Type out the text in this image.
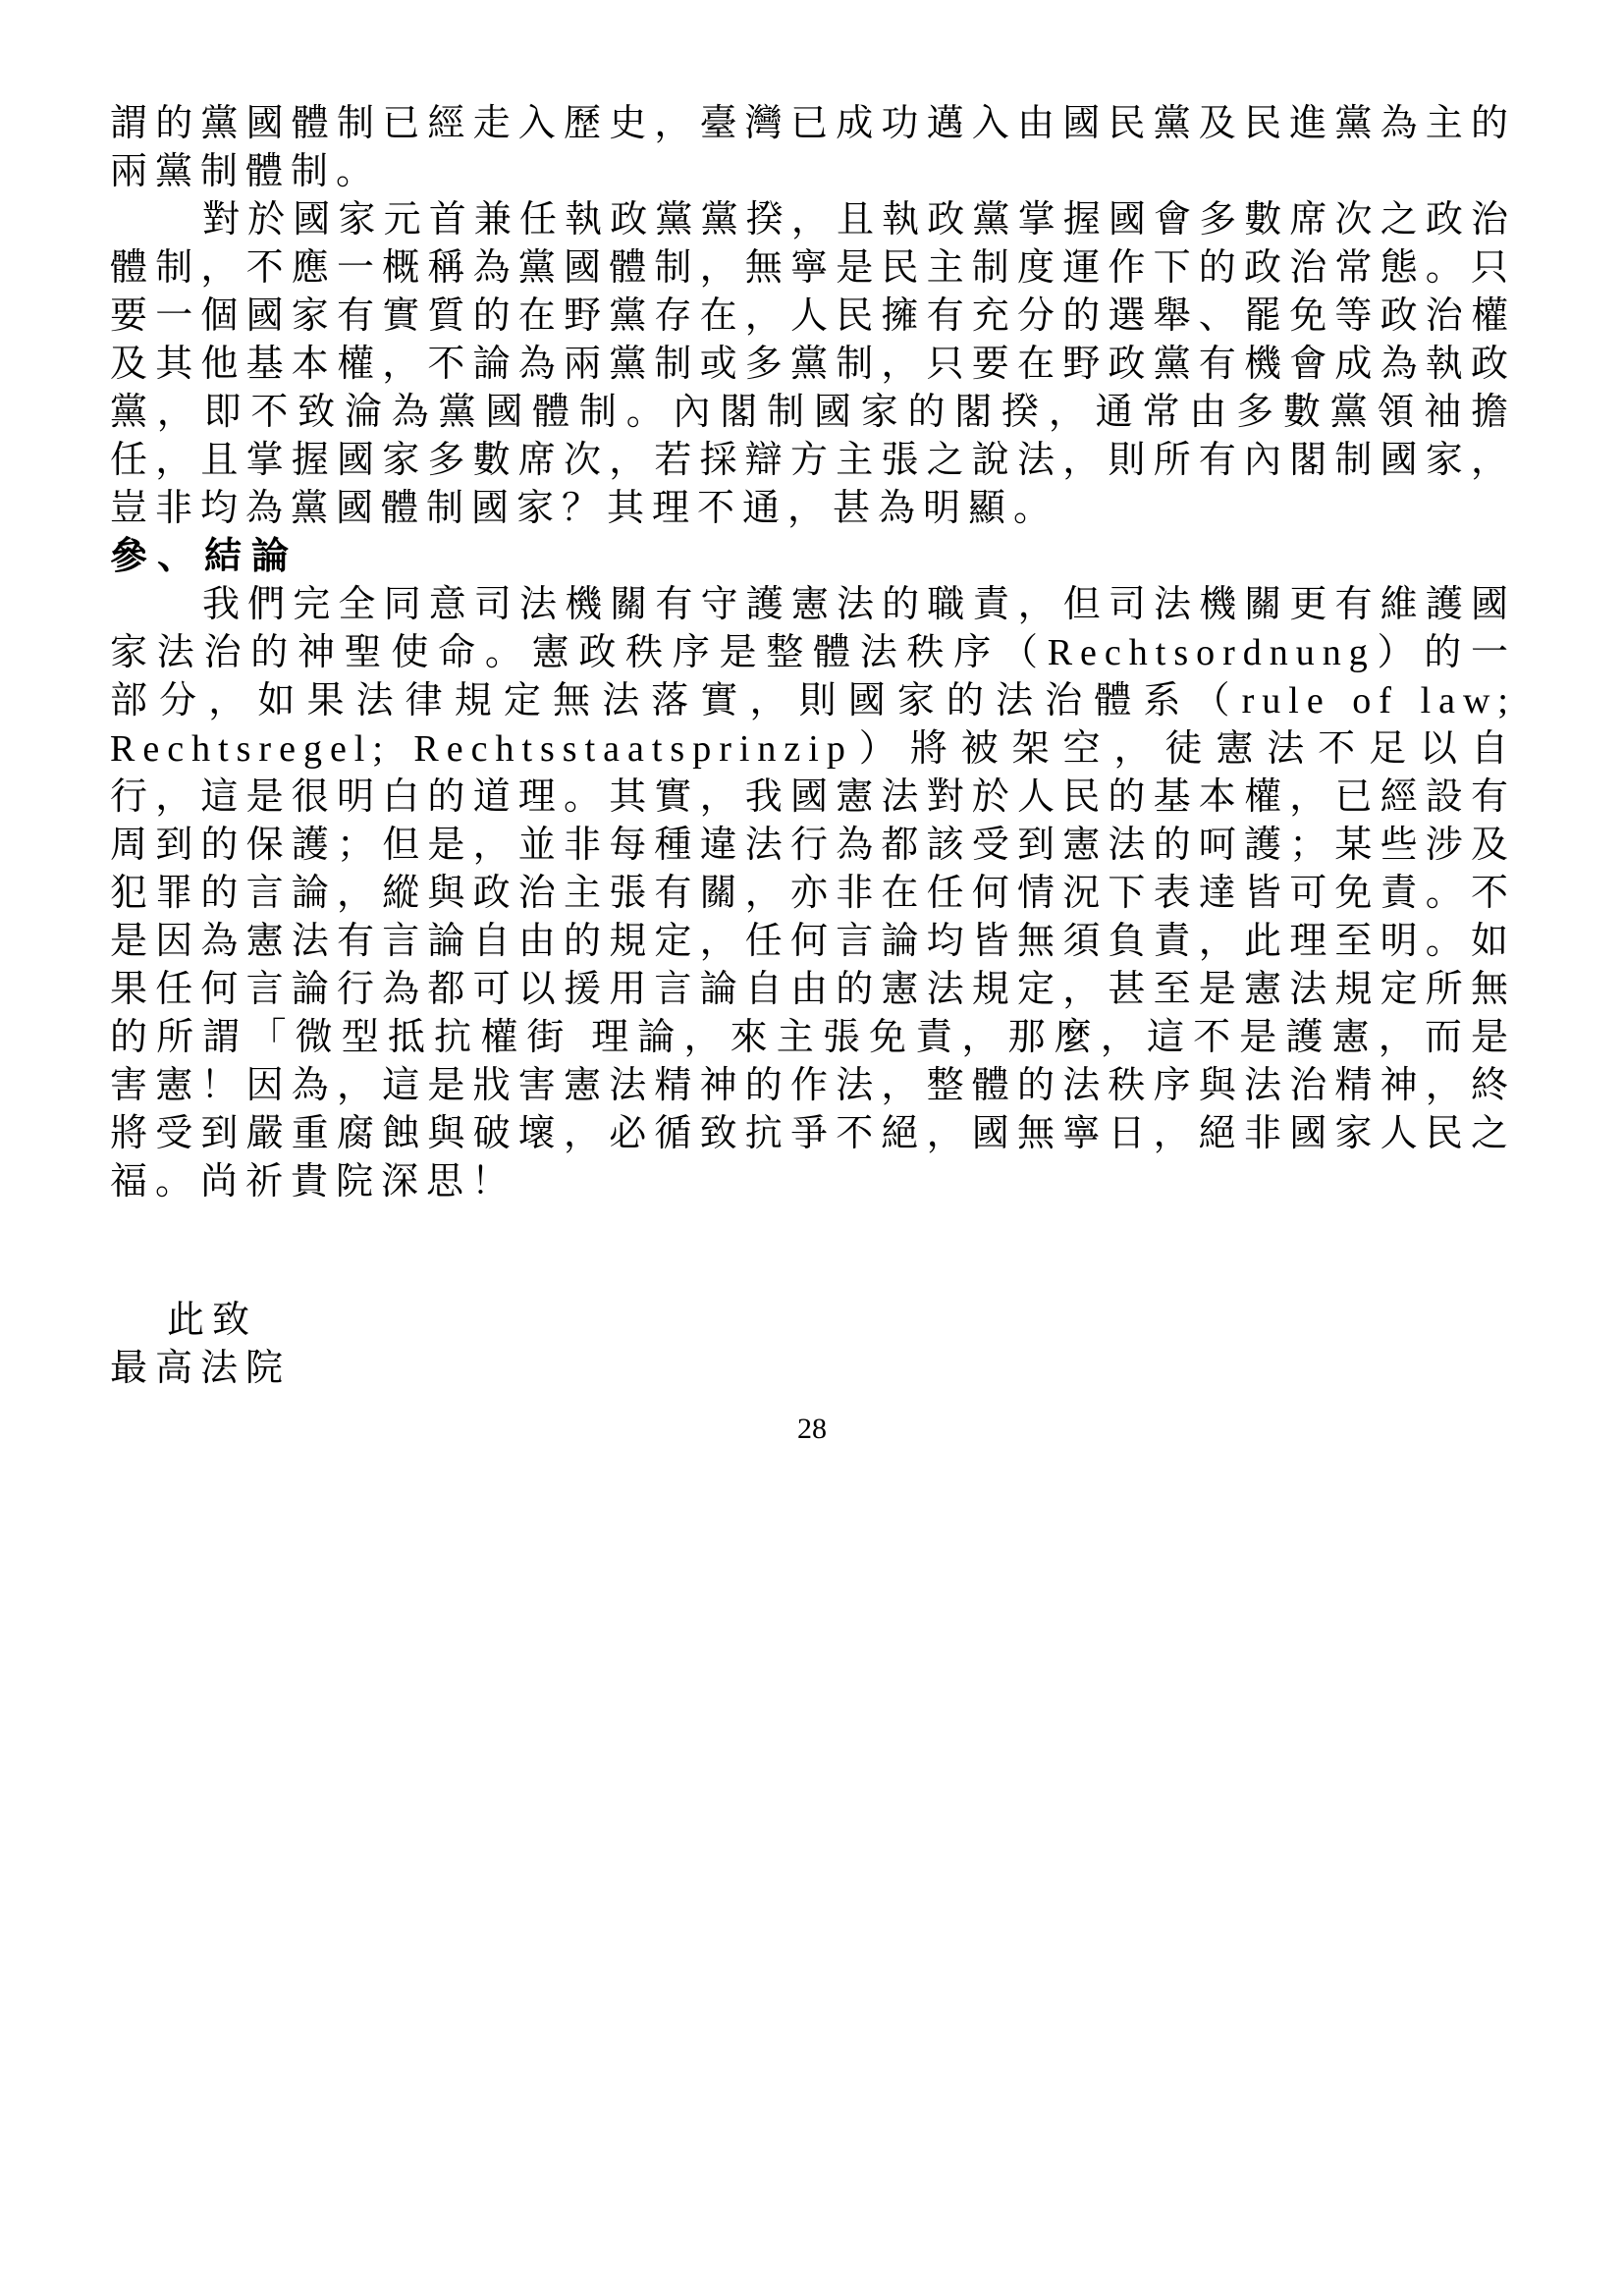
謂的黨國體制已經走入歷史，臺灣已成功邁入由國民黨及民進黨為主的兩黨制體制。

對於國家元首兼任執政黨黨揆，且執政黨掌握國會多數席次之政治體制，不應一概稱為黨國體制，無寧是民主制度運作下的政治常態。只要一個國家有實質的在野黨存在，人民擁有充分的選舉、罷免等政治權及其他基本權，不論為兩黨制或多黨制，只要在野政黨有機會成為執政黨，即不致淪為黨國體制。內閣制國家的閣揆，通常由多數黨領袖擔任，且掌握國家多數席次，若採辯方主張之說法，則所有內閣制國家，豈非均為黨國體制國家？其理不通，甚為明顯。

參、結論

我們完全同意司法機關有守護憲法的職責，但司法機關更有維護國家法治的神聖使命。憲政秩序是整體法秩序（Rechtsordnung）的一部分，如果法律規定無法落實，則國家的法治體系（rule of law; Rechtsregel; Rechtsstaatsprinzip）將被架空，徒憲法不足以自行，這是很明白的道理。其實，我國憲法對於人民的基本權，已經設有周到的保護；但是，並非每種違法行為都該受到憲法的呵護；某些涉及犯罪的言論，縱與政治主張有關，亦非在任何情況下表達皆可免責。不是因為憲法有言論自由的規定，任何言論均皆無須負責，此理至明。如果任何言論行為都可以援用言論自由的憲法規定，甚至是憲法規定所無的所謂「微型抵抗權街 理論，來主張免責，那麼，這不是護憲，而是害憲！因為，這是戕害憲法精神的作法，整體的法秩序與法治精神，終將受到嚴重腐蝕與破壞，必循致抗爭不絕，國無寧日，絕非國家人民之福。尚祈貴院深思！

此致

最高法院

28
